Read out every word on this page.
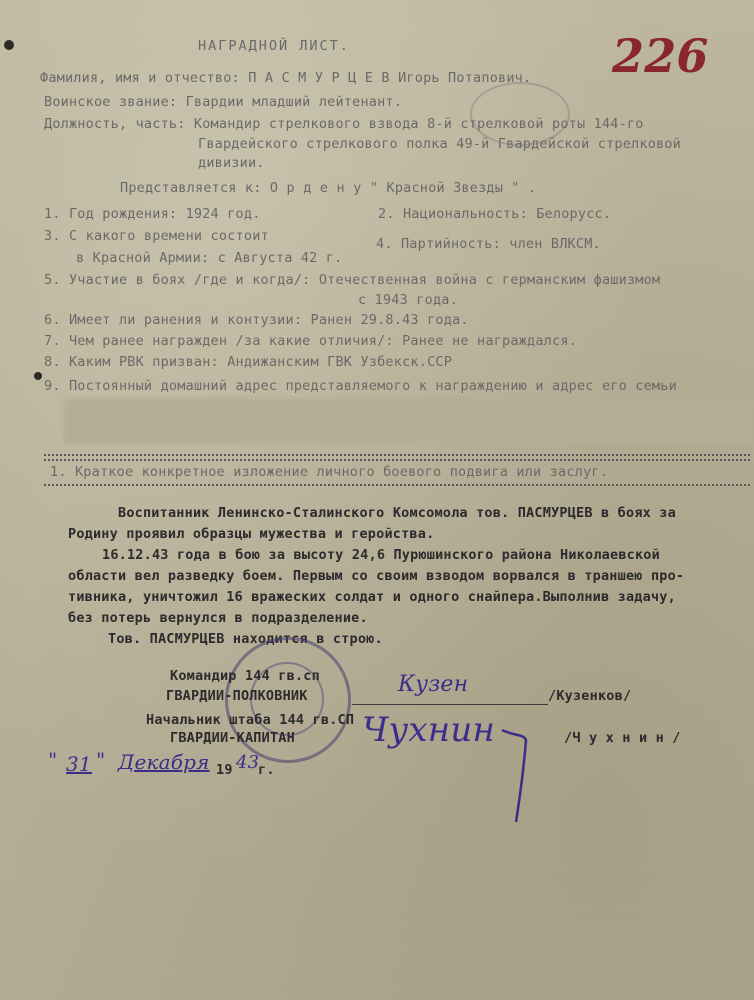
226
НАГРАДНОЙ ЛИСТ.
Фамилия, имя и отчество: П А С М У Р Ц Е В Игорь Потапович.
Воинское звание: Гвардии младший лейтенант.
Должность, часть: Командир стрелкового взвода 8-й стрелковой роты 144-го
Гвардейского стрелкового полка 49-й Гвардейской стрелковой
дивизии.
Представляется к: О р д е н у " Красной Звезды " .
1. Год рождения: 1924 год.	2. Национальность: Белорусс.
3. С какого времени состоит	4. Партийность: член ВЛКСМ.
в Красной Армии: с Августа 42 г.
5. Участие в боях /где и когда/: Отечественная война с германским фашизмом
с 1943 года.
6. Имеет ли ранения и контузии: Ранен 29.8.43 года.
7. Чем ранее награжден /за какие отличия/: Ранее не награждался.
8. Каким РВК призван: Андижанским ГВК Узбекск.ССР
9. Постоянный домашний адрес представляемого к награждению и адрес его семьи
1. Краткое конкретное изложение личного боевого подвига или заслуг.
Воспитанник Ленинско-Сталинского Комсомола тов. ПАСМУРЦЕВ в боях за
Родину проявил образцы мужества и геройства.
16.12.43 года в бою за высоту 24,6 Пурюшинского района Николаевской
области вел разведку боем. Первым со своим взводом ворвался в траншею про-
тивника, уничтожил 16 вражеских солдат и одного снайпера.Выполнив задачу,
без потерь вернулся в подразделение.
Тов. ПАСМУРЦЕВ находится в строю.
Командир 144 гв.сп
ГВАРДИИ-ПОЛКОВНИК	Кузен	/Кузенков/
Начальник штаба 144 гв.СП
ГВАРДИИ-КАПИТАН Чухнин	/Ч у х н и н /
" 31 " Декабря 19 43
г.
